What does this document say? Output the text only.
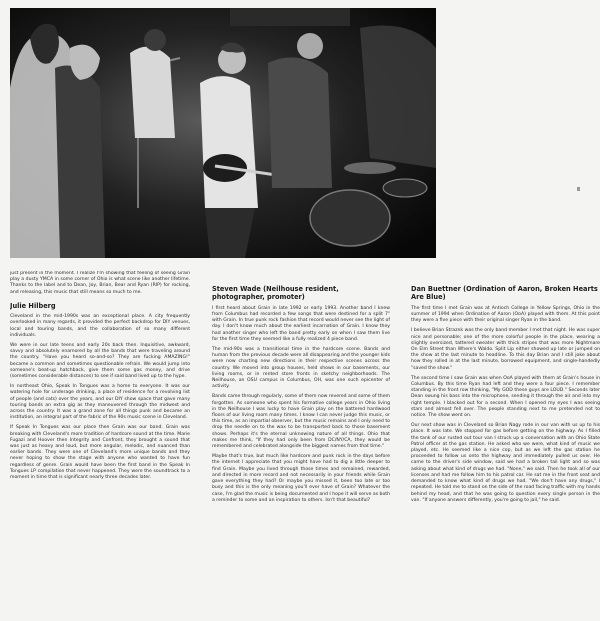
just present in the moment. I realize I'm showing that feeling of seeing Grain play a dusty YMCA in some corner of Ohio is what scene like another lifetime. Thanks to the label and to Dean, Joy, Brian, Bear and Ryan (RIP) for rocking, and releasing, this music that still means so much to me.

Julie Hilberg

Cleveland in the mid-1990s was an exceptional place. A city frequently overlooked in many regards, it provided the perfect backdrop for DIY venues, local and touring bands, and the collaboration of so many different individuals.

We were in our late teens and early 20s back then. Inquisitive, awkward, savvy and absolutely enamored by all the bands that were traveling around the country. "Have you heard so-and-so? They are fucking AMAZING!" became a common and sometimes questionable refrain. We would jump into someone's beat-up hatchback, give them some gas money, and drive (sometimes considerable distances) to see if said band lived up to the hype.

In northeast Ohio, Speak In Tongues was a home to everyone. It was our watering hole for underage drinking, a place of residence for a revolving list of people (and cats) over the years, and our DIY show space that gave many touring bands an extra gig as they maneuvered through the midwest and across the country. It was a grand zone for all things punk and became an institution, an integral part of the fabric of the 90s music scene in Cleveland.

If Speak In Tongues was our place then Grain was our band. Grain was breaking with Cleveland's more tradition of hardcore sound at the time. Marie Fugazi and Hoover then Integrity and Confront, they brought a sound that was just as heavy and loud, but more angular, melodic, and nuanced than earlier bands. They were one of Cleveland's more unique bands and they never hoping to show the stage with anyone who wanted to have fun regardless of genre. Grain would have been the first band in the Speak In Tongues LP compilation that never happened. They were the soundtrack to a moment in time that is significant nearly three decades later.

Steven Wade (Neilhouse resident, photographer, promoter)

I first heard about Grain in late 1992 or early 1993. Another band I knew from Columbus had recorded a few songs that were destined for a split 7" with Grain. In true punk rock fashion that record would never see the light of day. I don't know much about the earliest incarnation of Grain. I know they had another singer who left the band pretty early on when I saw them live for the first time they seemed like a fully realized 4 piece band.

The mid-90s was a transitional time in the hardcore scene. Bands and human from the previous decade were all disappearing and the younger kids were now charting new directions in their respective scenes across the country. We moved into group houses, held shows in our basements, our living rooms, or in rented store fronts in sketchy neighborhoods. The Neilhouse, an OSU campus in Columbus, OH, was one such epicenter of activity.

Bands came through regularly, some of them now revered and some of them forgotten. As someone who spent his formative college years in Ohio living in the Neilhouse I was lucky to have Grain play on the battered hardwood floors of our living room many times. I know I can never judge this music, or this time, as an impartial observer, but the music remains and I only need to drop the needle on to the wax to be transported back to those basement shows. Perhaps it's the eternal unknowing nature of all things. Ohio that makes me think, "If they had only been from DC/NY/CA, they would be remembered and celebrated alongside the biggest names from that time."

Maybe that's true, but much like hardcore and punk rock in the days before the internet I appreciate that you might have had to dig a little deeper to find Grain. Maybe you lived through those times and remained, rewarded, and directed in more record and not necessarily in your friends while Grain gave everything they had? Or maybe you missed it, been too late or too busy and this is the only meaning you'll ever have of Grain? Whatever the case, I'm glad the music is being documented and I hope it will serve as both a reminder to some and an inspiration to others. Isn't that beautiful?

Dan Buettner (Ordination of Aaron, Broken Hearts Are Blue)

The first time I met Grain was at Antioch College in Yellow Springs, Ohio in the summer of 1994 when Ordination of Aaron (OoA) played with them. At this point they were a five piece with their original singer Ryan in the band.

I believe Brian Straznk was the only band member I met that night. He was super nice and personable; one of the more colorful people in the place, wearing a slightly oversized, tattered sweater with thick stripes that was more Nightmare On Elm Street than Where's Waldo. Split Lip either showed up late or jumped on the show at the last minute to headline. To this day Brian and I still joke about how they rolled in at the last minute, borrowed equipment, and single-handedly "saved the show."

The second time I saw Grain was when OoA played with them at Grain's house in Columbus. By this time Ryan had left and they were a four piece. I remember standing in the front row thinking, "My GOD these guys are LOUD." Seconds later Dean swung his bass into the microphone, sending it through the air and into my right temple. I blacked out for a second. When I opened my eyes I was seeing stars and almost fell over. The people standing next to me pretended not to notice. The show went on.

Our next show was in Cleveland so Brian Nagy rode in our van with us up to his place. It was late. We stopped for gas before getting on the highway. As I filled the tank of our rusted out tour van I struck up a conversation with an Ohio State Patrol officer at the gas station. He asked who we were, what kind of music we played, etc. He seemed like a nice cop, but as we left the gas station he proceeded to follow us onto the highway and immediately pulled us over. He came to the driver's side window, said we had a broken tail light and so was asking about what kind of drugs we had. "None," we said. Then he took all of our licenses and had me follow him to his patrol car. He sat me in the front seat and demanded to know what kind of drugs we had. "We don't have any drugs," I repeated. He told me to stand on the side of the road facing traffic with my hands behind my head, and that he was going to question every single person in the van. "If anyone answers differently, you're going to jail," he said.
